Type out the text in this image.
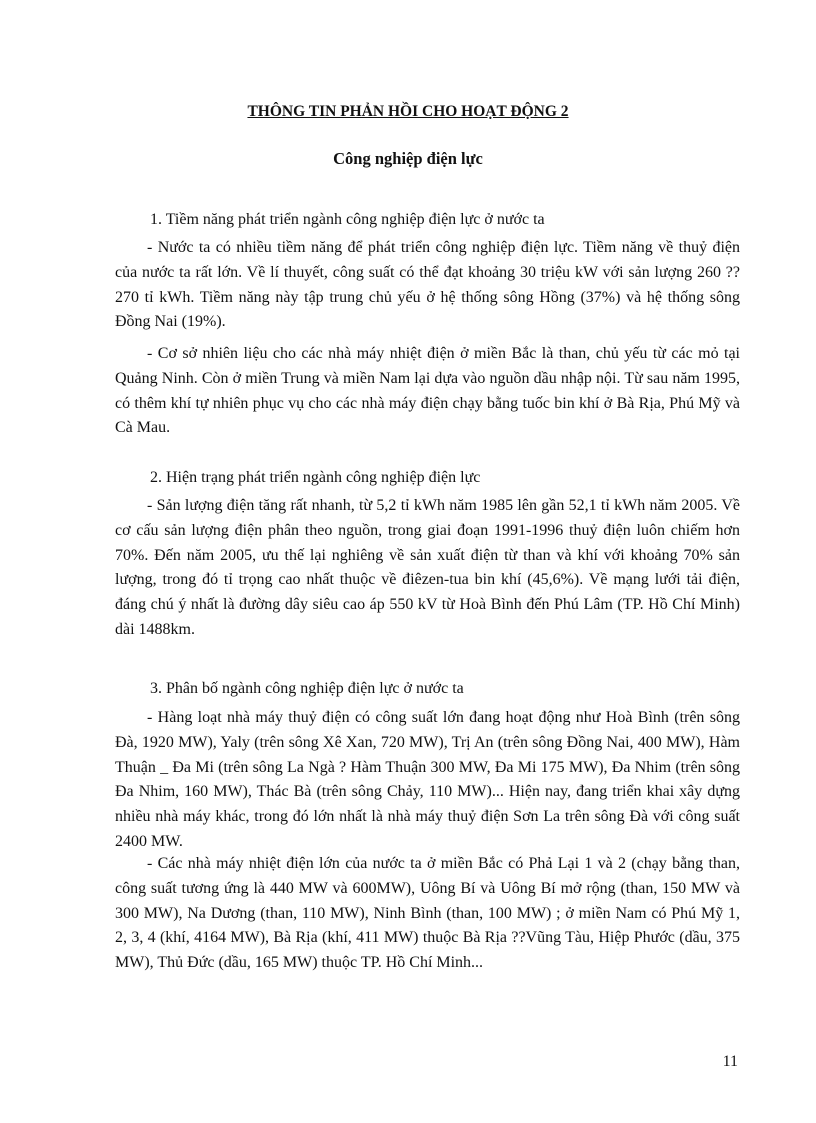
THÔNG TIN PHẢN HỒI CHO HOẠT ĐỘNG 2
Công nghiệp điện lực
1. Tiềm năng phát triển ngành công nghiệp điện lực ở nước ta

- Nước ta có nhiều tiềm năng để phát triển công nghiệp điện lực. Tiềm năng về thuỷ điện của nước ta rất lớn. Về lí thuyết, công suất có thể đạt khoảng 30 triệu kW với sản lượng 260 ??270 tỉ kWh. Tiềm năng này tập trung chủ yếu ở hệ thống sông Hồng (37%) và hệ thống sông Đồng Nai (19%).

- Cơ sở nhiên liệu cho các nhà máy nhiệt điện ở miền Bắc là than, chủ yếu từ các mỏ tại Quảng Ninh. Còn ở miền Trung và miền Nam lại dựa vào nguồn dầu nhập nội. Từ sau năm 1995, có thêm khí tự nhiên phục vụ cho các nhà máy điện chạy bằng tuốc bin khí ở Bà Rịa, Phú Mỹ và Cà Mau.

2. Hiện trạng phát triển ngành công nghiệp điện lực

- Sản lượng điện tăng rất nhanh, từ 5,2 tỉ kWh năm 1985 lên gần 52,1 tỉ kWh năm 2005. Về cơ cấu sản lượng điện phân theo nguồn, trong giai đoạn 1991-1996 thuỷ điện luôn chiếm hơn 70%. Đến năm 2005, ưu thế lại nghiêng về sản xuất điện từ than và khí với khoảng 70% sản lượng, trong đó tỉ trọng cao nhất thuộc về điêzen-tua bin khí (45,6%). Về mạng lưới tải điện, đáng chú ý nhất là đường dây siêu cao áp 550 kV từ Hoà Bình đến Phú Lâm (TP. Hồ Chí Minh) dài 1488km.

3. Phân bố ngành công nghiệp điện lực ở nước ta

- Hàng loạt nhà máy thuỷ điện có công suất lớn đang hoạt động như Hoà Bình (trên sông Đà, 1920 MW), Yaly (trên sông Xê Xan, 720 MW), Trị An (trên sông Đồng Nai, 400 MW), Hàm Thuận _ Đa Mi (trên sông La Ngà ? Hàm Thuận 300 MW, Đa Mi 175 MW), Đa Nhim (trên sông Đa Nhim, 160 MW), Thác Bà (trên sông Chảy, 110 MW)... Hiện nay, đang triển khai xây dựng nhiều nhà máy khác, trong đó lớn nhất là nhà máy thuỷ điện Sơn La trên sông Đà với công suất 2400 MW.

- Các nhà máy nhiệt điện lớn của nước ta ở miền Bắc có Phả Lại 1 và 2 (chạy bằng than, công suất tương ứng là 440 MW và 600MW), Uông Bí và Uông Bí mở rộng (than, 150 MW và 300 MW), Na Dương (than, 110 MW), Ninh Bình (than, 100 MW) ; ở miền Nam có Phú Mỹ 1, 2, 3, 4 (khí, 4164 MW), Bà Rịa (khí, 411 MW) thuộc Bà Rịa ??Vũng Tàu, Hiệp Phước (dầu, 375 MW), Thủ Đức (dầu, 165 MW) thuộc TP. Hồ Chí Minh...

11
